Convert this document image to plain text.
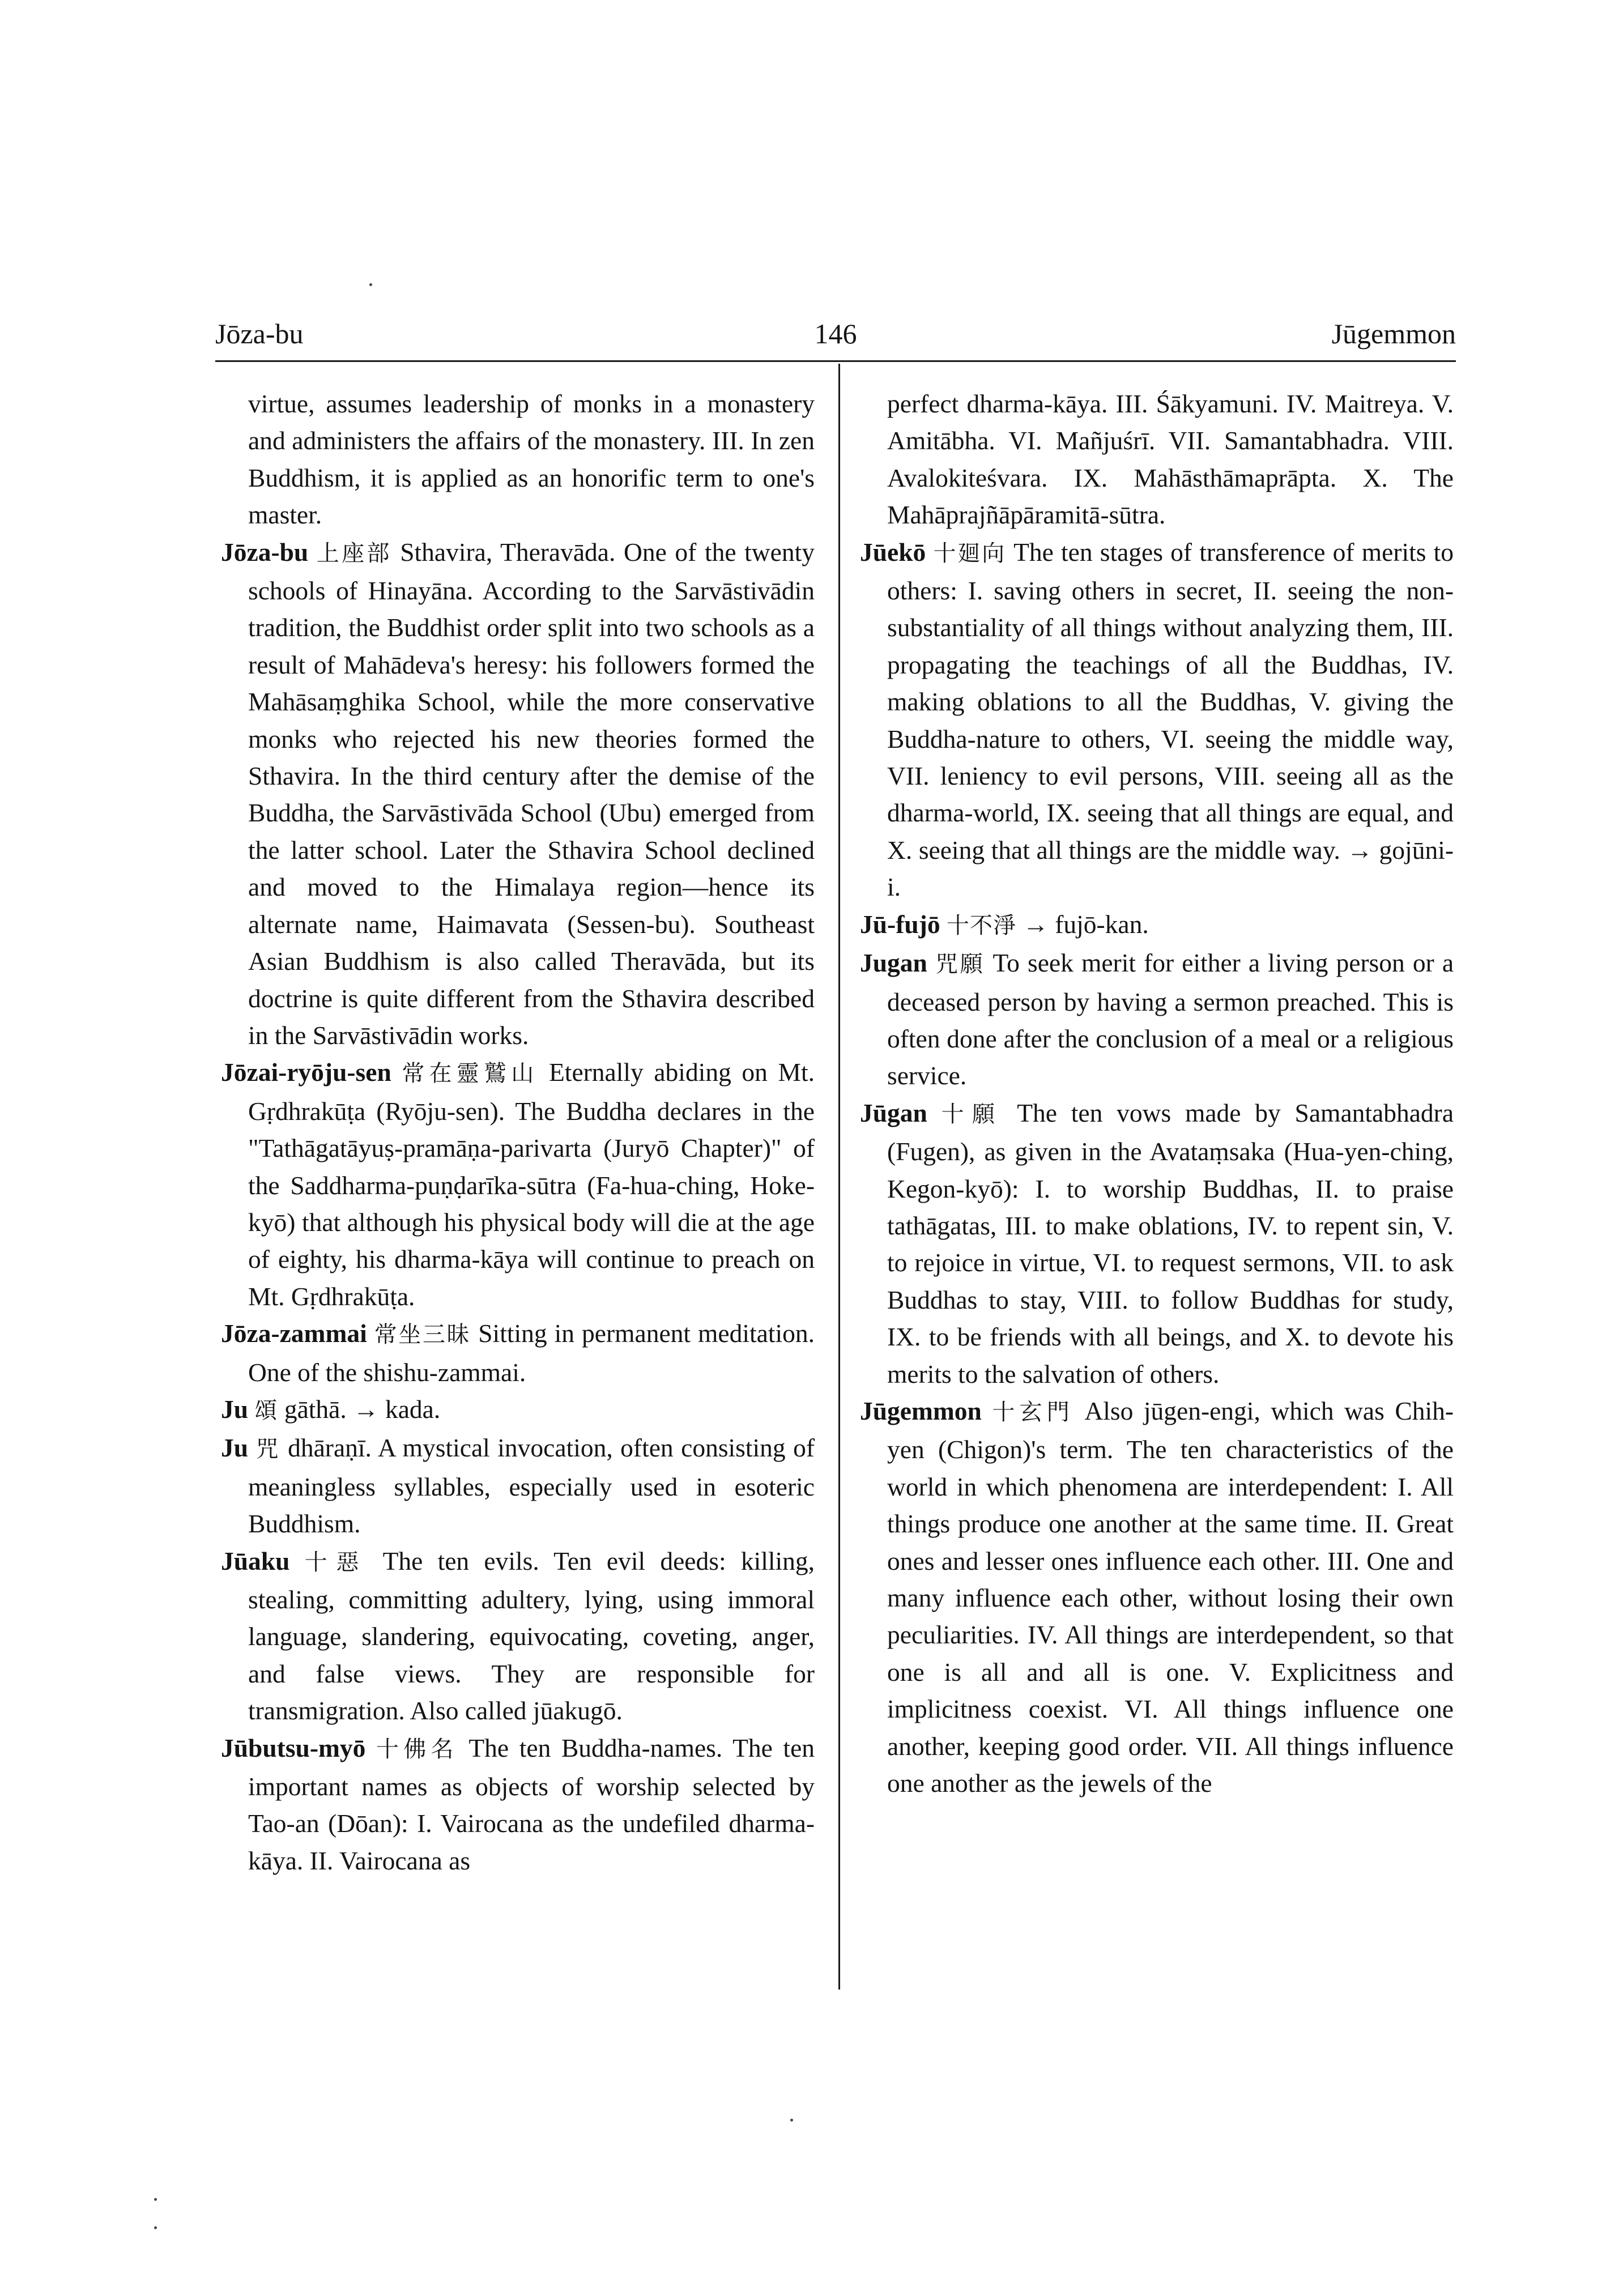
Jōza-bu	146	Jūgemmon

virtue, assumes leadership of monks in a monastery and administers the affairs of the monastery. III. In zen Buddhism, it is applied as an honorific term to one's master.

Jōza-bu 上座部 Sthavira, Theravāda. One of the twenty schools of Hinayāna. According to the Sarvāstivādin tradition, the Buddhist order split into two schools as a result of Mahādeva's heresy: his followers formed the Mahāsaṃghika School, while the more conservative monks who rejected his new theories formed the Sthavira. In the third century after the demise of the Buddha, the Sarvāstivāda School (Ubu) emerged from the latter school. Later the Sthavira School declined and moved to the Himalaya region—hence its alternate name, Haimavata (Sessen-bu). Southeast Asian Buddhism is also called Theravāda, but its doctrine is quite different from the Sthavira described in the Sarvāstivādin works.

Jōzai-ryōju-sen 常在靈鷲山 Eternally abiding on Mt. Gṛdhrakūṭa (Ryōju-sen). The Buddha declares in the "Tathāgatāyuṣ-pramāṇa-parivarta (Juryō Chapter)" of the Saddharma-puṇḍarīka-sūtra (Fa-hua-ching, Hoke-kyō) that although his physical body will die at the age of eighty, his dharma-kāya will continue to preach on Mt. Gṛdhrakūṭa.

Jōza-zammai 常坐三昧 Sitting in permanent meditation. One of the shishu-zammai.

Ju 頌 gāthā. → kada.

Ju 咒 dhāraṇī. A mystical invocation, often consisting of meaningless syllables, especially used in esoteric Buddhism.

Jūaku 十惡 The ten evils. Ten evil deeds: killing, stealing, committing adultery, lying, using immoral language, slandering, equivocating, coveting, anger, and false views. They are responsible for transmigration. Also called jūakugō.

Jūbutsu-myō 十佛名 The ten Buddha-names. The ten important names as objects of worship selected by Tao-an (Dōan): I. Vairocana as the undefiled dharma-kāya. II. Vairocana as

perfect dharma-kāya. III. Śākyamuni. IV. Maitreya. V. Amitābha. VI. Mañjuśrī. VII. Samantabhadra. VIII. Avalokiteśvara. IX. Mahāsthāmaprāpta. X. The Mahāprajñāpāramitā-sūtra.

Jūekō 十廻向 The ten stages of transference of merits to others: I. saving others in secret, II. seeing the non-substantiality of all things without analyzing them, III. propagating the teachings of all the Buddhas, IV. making oblations to all the Buddhas, V. giving the Buddha-nature to others, VI. seeing the middle way, VII. leniency to evil persons, VIII. seeing all as the dharma-world, IX. seeing that all things are equal, and X. seeing that all things are the middle way. → gojūni-i.

Jū-fujō 十不淨 → fujō-kan.

Jugan 咒願 To seek merit for either a living person or a deceased person by having a sermon preached. This is often done after the conclusion of a meal or a religious service.

Jūgan 十願 The ten vows made by Samantabhadra (Fugen), as given in the Avataṃsaka (Hua-yen-ching, Kegon-kyō): I. to worship Buddhas, II. to praise tathāgatas, III. to make oblations, IV. to repent sin, V. to rejoice in virtue, VI. to request sermons, VII. to ask Buddhas to stay, VIII. to follow Buddhas for study, IX. to be friends with all beings, and X. to devote his merits to the salvation of others.

Jūgemmon 十玄門 Also jūgen-engi, which was Chih-yen (Chigon)'s term. The ten characteristics of the world in which phenomena are interdependent: I. All things produce one another at the same time. II. Great ones and lesser ones influence each other. III. One and many influence each other, without losing their own peculiarities. IV. All things are interdependent, so that one is all and all is one. V. Explicitness and implicitness coexist. VI. All things influence one another, keeping good order. VII. All things influence one another as the jewels of the
